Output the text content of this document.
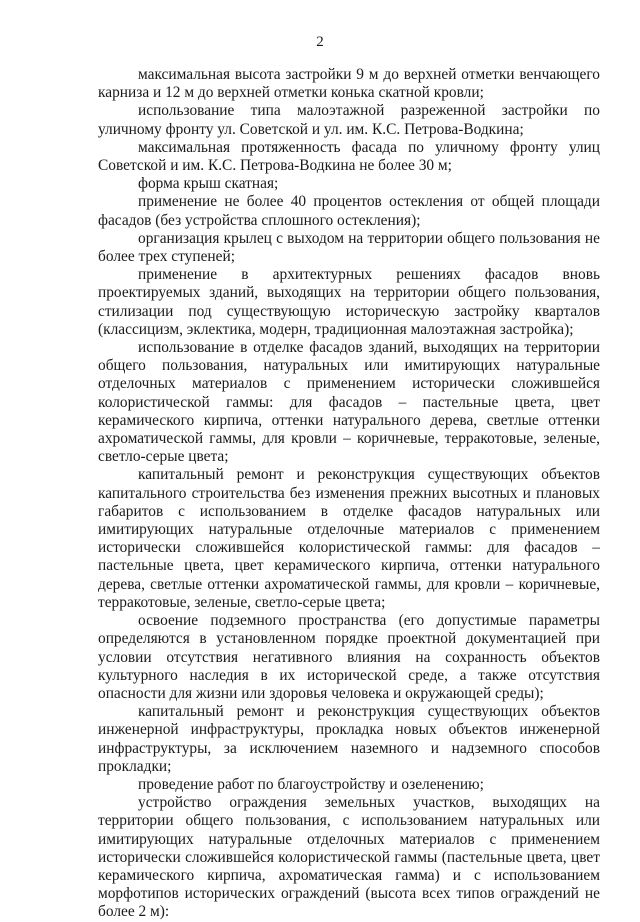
2

максимальная высота застройки 9 м до верхней отметки венчающего карниза и 12 м до верхней отметки конька скатной кровли;

использование типа малоэтажной разреженной застройки по уличному фронту ул. Советской и ул. им. К.С. Петрова-Водкина;

максимальная протяженность фасада по уличному фронту улиц Советской и им. К.С. Петрова-Водкина не более 30 м;

форма крыш скатная;

применение не более 40 процентов остекления от общей площади фасадов (без устройства сплошного остекления);

организация крылец с выходом на территории общего пользования не более трех ступеней;

применение в архитектурных решениях фасадов вновь проектируемых зданий, выходящих на территории общего пользования, стилизации под существующую историческую застройку кварталов (классицизм, эклектика, модерн, традиционная малоэтажная застройка);

использование в отделке фасадов зданий, выходящих на территории общего пользования, натуральных или имитирующих натуральные отделочных материалов с применением исторически сложившейся колористической гаммы: для фасадов – пастельные цвета, цвет керамического кирпича, оттенки натурального дерева, светлые оттенки ахроматической гаммы, для кровли – коричневые, терракотовые, зеленые, светло-серые цвета;

капитальный ремонт и реконструкция существующих объектов капитального строительства без изменения прежних высотных и плановых габаритов с использованием в отделке фасадов натуральных или имитирующих натуральные отделочные материалов с применением исторически сложившейся колористической гаммы: для фасадов – пастельные цвета, цвет керамического кирпича, оттенки натурального дерева, светлые оттенки ахроматической гаммы, для кровли – коричневые, терракотовые, зеленые, светло-серые цвета;

освоение подземного пространства (его допустимые параметры определяются в установленном порядке проектной документацией при условии отсутствия негативного влияния на сохранность объектов культурного наследия в их исторической среде, а также отсутствия опасности для жизни или здоровья человека и окружающей среды);

капитальный ремонт и реконструкция существующих объектов инженерной инфраструктуры, прокладка новых объектов инженерной инфраструктуры, за исключением наземного и надземного способов прокладки;

проведение работ по благоустройству и озеленению;

устройство ограждения земельных участков, выходящих на территории общего пользования, с использованием натуральных или имитирующих натуральные отделочных материалов с применением исторически сложившейся колористической гаммы (пастельные цвета, цвет керамического кирпича, ахроматическая гамма) и с использованием морфотипов исторических ограждений (высота всех типов ограждений не более 2 м):
